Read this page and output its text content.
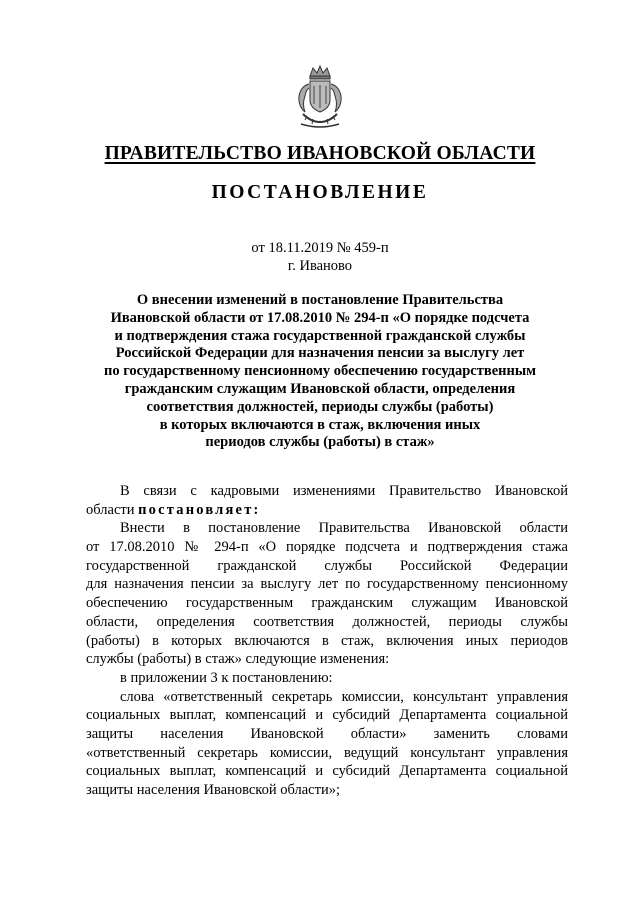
ПРАВИТЕЛЬСТВО ИВАНОВСКОЙ ОБЛАСТИ
ПОСТАНОВЛЕНИЕ
от 18.11.2019 № 459-п
г. Иваново
О внесении изменений в постановление Правительства
Ивановской области от 17.08.2010 № 294-п «О порядке подсчета
и подтверждения стажа государственной гражданской службы
Российской Федерации для назначения пенсии за выслугу лет
по государственному пенсионному обеспечению государственным
гражданским служащим Ивановской области, определения
соответствия должностей, периоды службы (работы)
в которых включаются в стаж, включения иных
периодов службы (работы) в стаж»
В связи с кадровыми изменениями Правительство Ивановской
области постановляет:
Внести в постановление Правительства Ивановской области
от 17.08.2010 № 294-п «О порядке подсчета и подтверждения стажа
государственной гражданской службы Российской Федерации
для назначения пенсии за выслугу лет по государственному пенсионному
обеспечению государственным гражданским служащим Ивановской
области, определения соответствия должностей, периоды службы
(работы) в которых включаются в стаж, включения иных периодов
службы (работы) в стаж» следующие изменения:
в приложении 3 к постановлению:
слова «ответственный секретарь комиссии, консультант управления
социальных выплат, компенсаций и субсидий Департамента социальной
защиты населения Ивановской области» заменить словами
«ответственный секретарь комиссии, ведущий консультант управления
социальных выплат, компенсаций и субсидий Департамента социальной
защиты населения Ивановской области»;
